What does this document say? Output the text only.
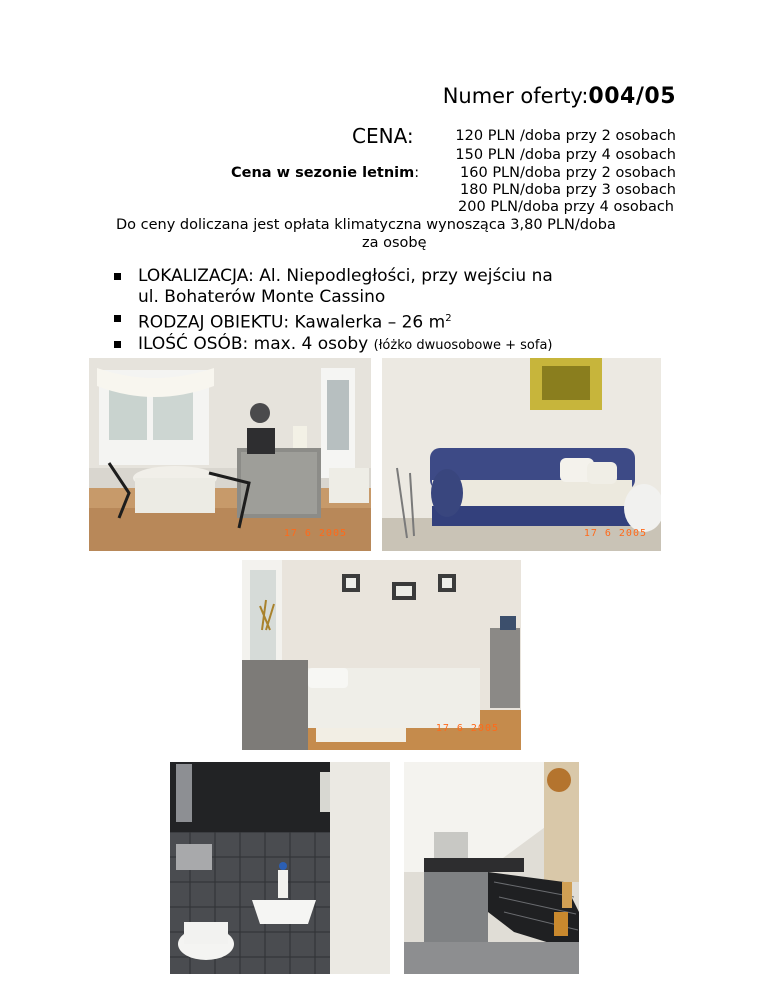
Numer oferty:004/05
CENA:	120 PLN /doba przy 2 osobach
150 PLN /doba przy 4 osobach
Cena w sezonie letnim:	160 PLN/doba przy 2 osobach
180 PLN/doba przy 3 osobach
200 PLN/doba przy 4 osobach
Do ceny doliczana jest opłata klimatyczna wynosząca 3,80 PLN/doba
za osobę
LOKALIZACJA: Al. Niepodległości, przy wejściu na
ul. Bohaterów Monte Cassino
RODZAJ OBIEKTU: Kawalerka – 26 $m^2$
ILOŚĆ OSÓB: max. 4 osoby (łóżko dwuosobowe + sofa)
17 6 2005	17 6 2005
17 6 2005
